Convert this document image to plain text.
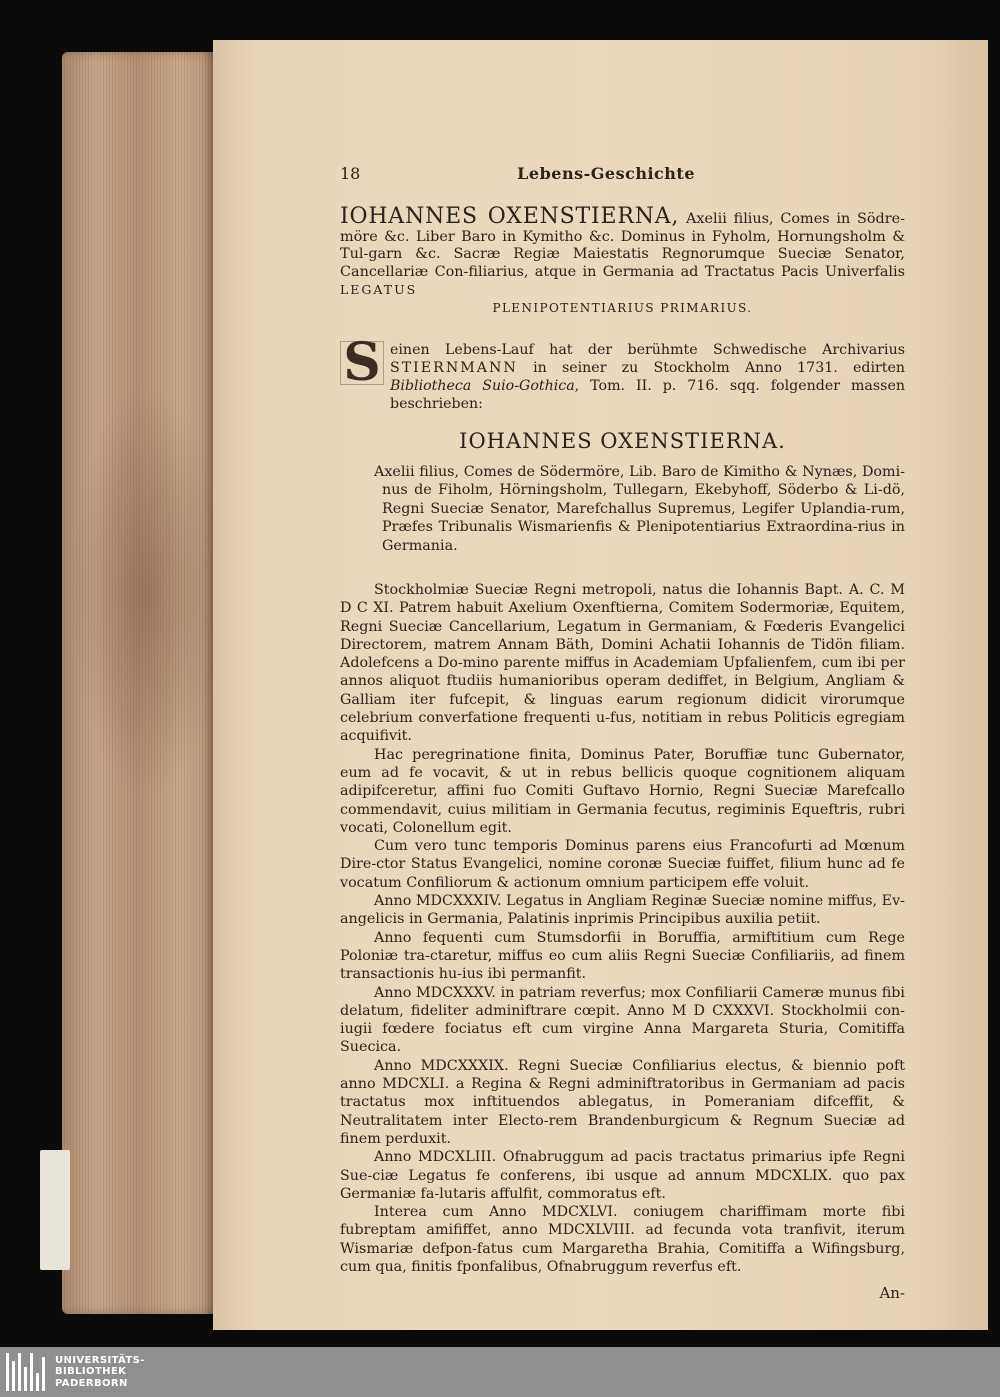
18	Lebens-Geschichte
IOHANNES OXENSTIERNA, Axelii filius, Comes in Södre-möre &c. Liber Baro in Kymitho &c. Dominus in Fyholm, Hornungsholm & Tul-garn &c. Sacræ Regiæ Maiestatis Regnorumque Sueciæ Senator, Cancellariæ Con-filiarius, atque in Germania ad Tractatus Pacis Univerfalis LEGATUS
PLENIPOTENTIARIUS PRIMARIUS.
S einen Lebens-Lauf hat der berühmte Schwedische Archivarius STIERNMANN in seiner zu Stockholm Anno 1731. edirten Bibliotheca Suio-Gothica, Tom. II. p. 716. sqq. folgender massen beschrieben:
IOHANNES OXENSTIERNA.

Axelii filius, Comes de Södermöre, Lib. Baro de Kimitho & Nynæs, Domi-nus de Fiholm, Hörningsholm, Tullegarn, Ekebyhoff, Söderbo & Li-dö, Regni Sueciæ Senator, Marefchallus Supremus, Legifer Uplandia-rum, Præfes Tribunalis Wismarienfis & Plenipotentiarius Extraordina-rius in Germania.

Stockholmiæ Sueciæ Regni metropoli, natus die Iohannis Bapt. A. C. M D C XI. Patrem habuit Axelium Oxenftierna, Comitem Sodermoriæ, Equitem, Regni Sueciæ Cancellarium, Legatum in Germaniam, & Fœderis Evangelici Directorem, matrem Annam Bäth, Domini Achatii Iohannis de Tidön filiam. Adolefcens a Do-mino parente miffus in Academiam Upfalienfem, cum ibi per annos aliquot ftudiis humanioribus operam dediffet, in Belgium, Angliam & Galliam iter fufcepit, & linguas earum regionum didicit virorumque celebrium converfatione frequenti u-fus, notitiam in rebus Politicis egregiam acquifivit.

Hac peregrinatione finita, Dominus Pater, Boruffiæ tunc Gubernator, eum ad fe vocavit, & ut in rebus bellicis quoque cognitionem aliquam adipifceretur, affini fuo Comiti Guftavo Hornio, Regni Sueciæ Marefcallo commendavit, cuius militiam in Germania fecutus, regiminis Equeftris, rubri vocati, Colonellum egit.

Cum vero tunc temporis Dominus parens eius Francofurti ad Mœnum Dire-ctor Status Evangelici, nomine coronæ Sueciæ fuiffet, filium hunc ad fe vocatum Confiliorum & actionum omnium participem effe voluit.

Anno MDCXXXIV. Legatus in Angliam Reginæ Sueciæ nomine miffus, Ev-angelicis in Germania, Palatinis inprimis Principibus auxilia petiit.

Anno fequenti cum Stumsdorfii in Boruffia, armiftitium cum Rege Poloniæ tra-ctaretur, miffus eo cum aliis Regni Sueciæ Confiliariis, ad finem transactionis hu-ius ibi permanfit.

Anno MDCXXXV. in patriam reverfus; mox Confiliarii Cameræ munus fibi delatum, fideliter adminiftrare cœpit. Anno M D CXXXVI. Stockholmii con-iugii fœdere fociatus eft cum virgine Anna Margareta Sturia, Comitiffa Suecica.

Anno MDCXXXIX. Regni Sueciæ Confiliarius electus, & biennio poft anno MDCXLI. a Regina & Regni adminiftratoribus in Germaniam ad pacis tractatus mox inftituendos ablegatus, in Pomeraniam difceffit, & Neutralitatem inter Electo-rem Brandenburgicum & Regnum Sueciæ ad finem perduxit.

Anno MDCXLIII. Ofnabruggum ad pacis tractatus primarius ipfe Regni Sue-ciæ Legatus fe conferens, ibi usque ad annum MDCXLIX. quo pax Germaniæ fa-lutaris affulfit, commoratus eft.

Interea cum Anno MDCXLVI. coniugem chariffimam morte fibi fubreptam amififfet, anno MDCXLVIII. ad fecunda vota tranfivit, iterum Wismariæ defpon-fatus cum Margaretha Brahia, Comitiffa a Wifingsburg, cum qua, finitis fponfalibus, Ofnabruggum reverfus eft.

An-
UNIVERSITÄTS-
BIBLIOTHEK
PADERBORN
